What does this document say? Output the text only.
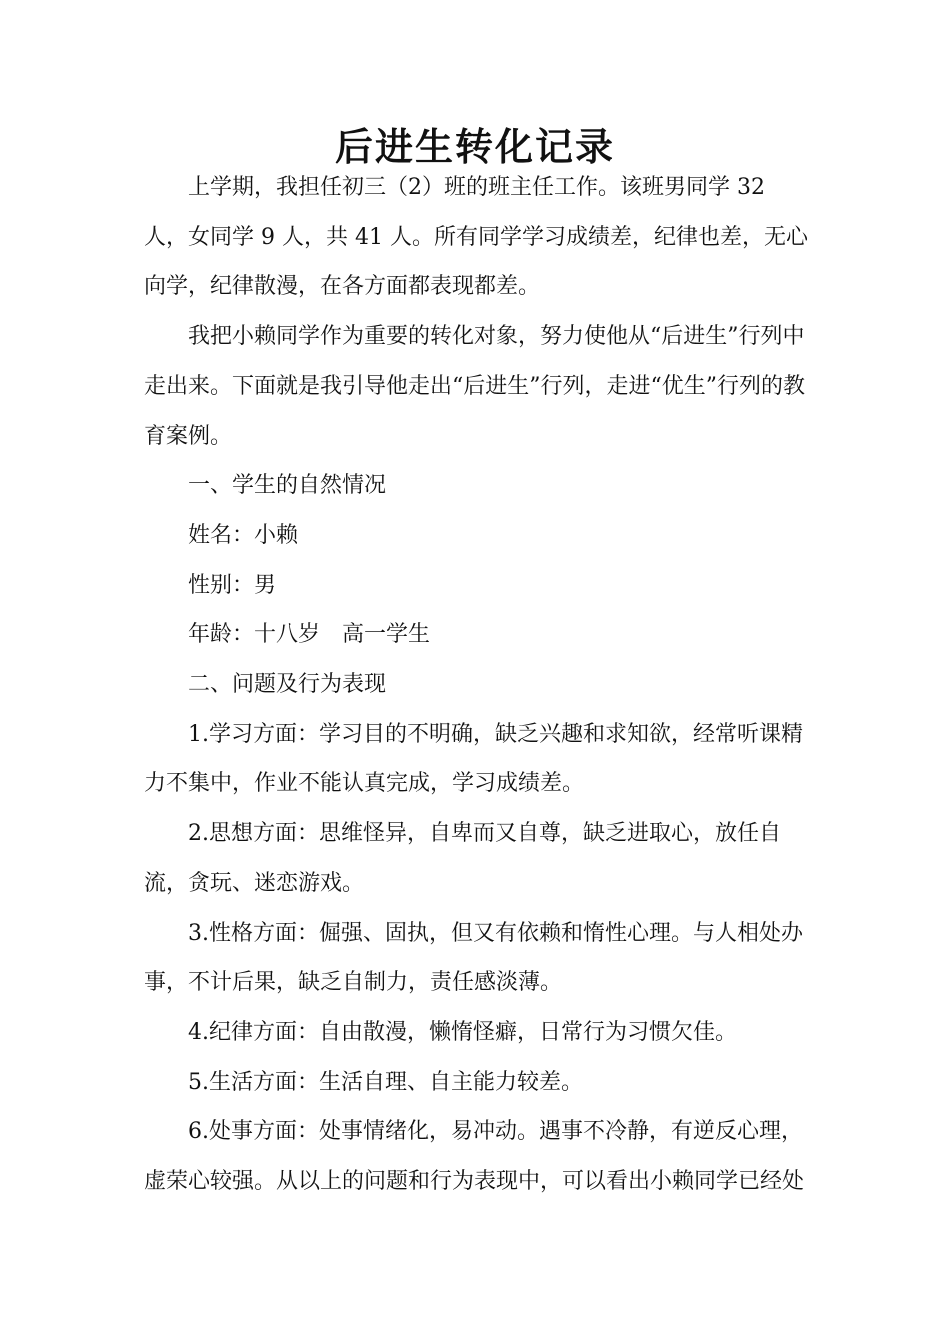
后进生转化记录

上学期，我担任初三（2）班的班主任工作。该班男同学 32 人，女同学 9 人，共 41 人。所有同学学习成绩差，纪律也差，无心向学，纪律散漫，在各方面都表现都差。

我把小赖同学作为重要的转化对象，努力使他从“后进生”行列中走出来。下面就是我引导他走出“后进生”行列，走进“优生”行列的教育案例。

一、学生的自然情况

姓名：小赖

性别：男

年龄：十八岁　高一学生

二、问题及行为表现

1.学习方面：学习目的不明确，缺乏兴趣和求知欲，经常听课精力不集中，作业不能认真完成，学习成绩差。

2.思想方面：思维怪异，自卑而又自尊，缺乏进取心，放任自流，贪玩、迷恋游戏。

3.性格方面：倔强、固执，但又有依赖和惰性心理。与人相处办事，不计后果，缺乏自制力，责任感淡薄。

4.纪律方面：自由散漫，懒惰怪癖，日常行为习惯欠佳。

5.生活方面：生活自理、自主能力较差。

6.处事方面：处事情绪化，易冲动。遇事不冷静，有逆反心理，虚荣心较强。从以上的问题和行为表现中，可以看出小赖同学已经处
